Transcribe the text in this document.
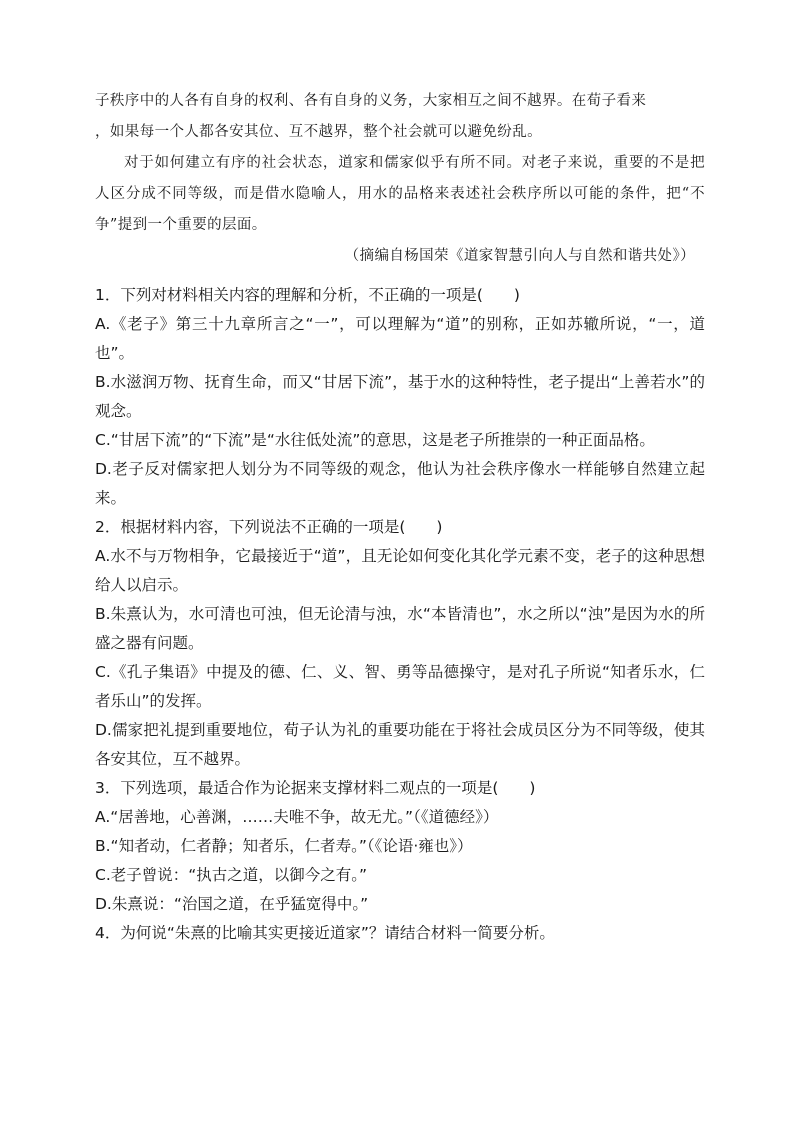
子秩序中的人各有自身的权利、各有自身的义务，大家相互之间不越界。在荀子看来

，如果每一个人都各安其位、互不越界，整个社会就可以避免纷乱。

对于如何建立有序的社会状态，道家和儒家似乎有所不同。对老子来说，重要的不是把人区分成不同等级，而是借水隐喻人，用水的品格来表述社会秩序所以可能的条件，把“不争”提到一个重要的层面。

（摘编自杨国荣《道家智慧引向人与自然和谐共处》）

1．下列对材料相关内容的理解和分析，不正确的一项是(　　)

A.《老子》第三十九章所言之“一”，可以理解为“道”的别称，正如苏辙所说，“一，道也”。

B.水滋润万物、抚育生命，而又“甘居下流”，基于水的这种特性，老子提出“上善若水”的观念。

C.“甘居下流”的“下流”是“水往低处流”的意思，这是老子所推崇的一种正面品格。

D.老子反对儒家把人划分为不同等级的观念，他认为社会秩序像水一样能够自然建立起来。

2．根据材料内容，下列说法不正确的一项是(　　)

A.水不与万物相争，它最接近于“道”，且无论如何变化其化学元素不变，老子的这种思想给人以启示。

B.朱熹认为，水可清也可浊，但无论清与浊，水“本皆清也”，水之所以“浊”是因为水的所盛之器有问题。

C.《孔子集语》中提及的德、仁、义、智、勇等品德操守，是对孔子所说“知者乐水，仁者乐山”的发挥。

D.儒家把礼提到重要地位，荀子认为礼的重要功能在于将社会成员区分为不同等级，使其各安其位，互不越界。

3．下列选项，最适合作为论据来支撑材料二观点的一项是(　　)

A.“居善地，心善渊，……夫唯不争，故无尤。”（《道德经》）

B.“知者动，仁者静；知者乐，仁者寿。”（《论语·雍也》）

C.老子曾说：“执古之道，以御今之有。”

D.朱熹说：“治国之道，在乎猛宽得中。”

4．为何说“朱熹的比喻其实更接近道家”？请结合材料一简要分析。
